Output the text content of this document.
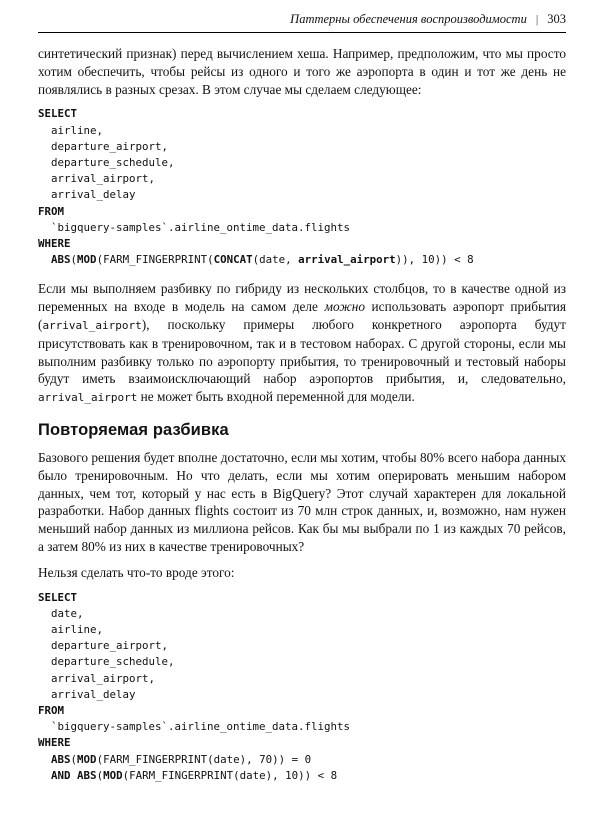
Паттерны обеспечения воспроизводимости | 303

синтетический признак) перед вычислением хеша. Например, предположим, что мы просто хотим обеспечить, чтобы рейсы из одного и того же аэропорта в один и тот же день не появлялись в разных срезах. В этом случае мы сделаем следующее:

SELECT
airline,
departure_airport,
departure_schedule,
arrival_airport,
arrival_delay
FROM
`bigquery-samples`.airline_ontime_data.flights
WHERE
ABS(MOD(FARM_FINGERPRINT(CONCAT(date, arrival_airport)), 10)) < 8

Если мы выполняем разбивку по гибриду из нескольких столбцов, то в качестве одной из переменных на входе в модель на самом деле можно использовать аэропорт прибытия (arrival_airport), поскольку примеры любого конкретного аэропорта будут присутствовать как в тренировочном, так и в тестовом наборах. С другой стороны, если мы выполним разбивку только по аэропорту прибытия, то тренировочный и тестовый наборы будут иметь взаимоисключающий набор аэропортов прибытия, и, следовательно, arrival_airport не может быть входной переменной для модели.

Повторяемая разбивка

Базового решения будет вполне достаточно, если мы хотим, чтобы 80% всего набора данных было тренировочным. Но что делать, если мы хотим оперировать меньшим набором данных, чем тот, который у нас есть в BigQuery? Этот случай характерен для локальной разработки. Набор данных flights состоит из 70 млн строк данных, и, возможно, нам нужен меньший набор данных из миллиона рейсов. Как бы мы выбрали по 1 из каждых 70 рейсов, а затем 80% из них в качестве тренировочных?

Нельзя сделать что-то вроде этого:

SELECT
date,
airline,
departure_airport,
departure_schedule,
arrival_airport,
arrival_delay
FROM
`bigquery-samples`.airline_ontime_data.flights
WHERE
ABS(MOD(FARM_FINGERPRINT(date), 70)) = 0
AND ABS(MOD(FARM_FINGERPRINT(date), 10)) < 8
